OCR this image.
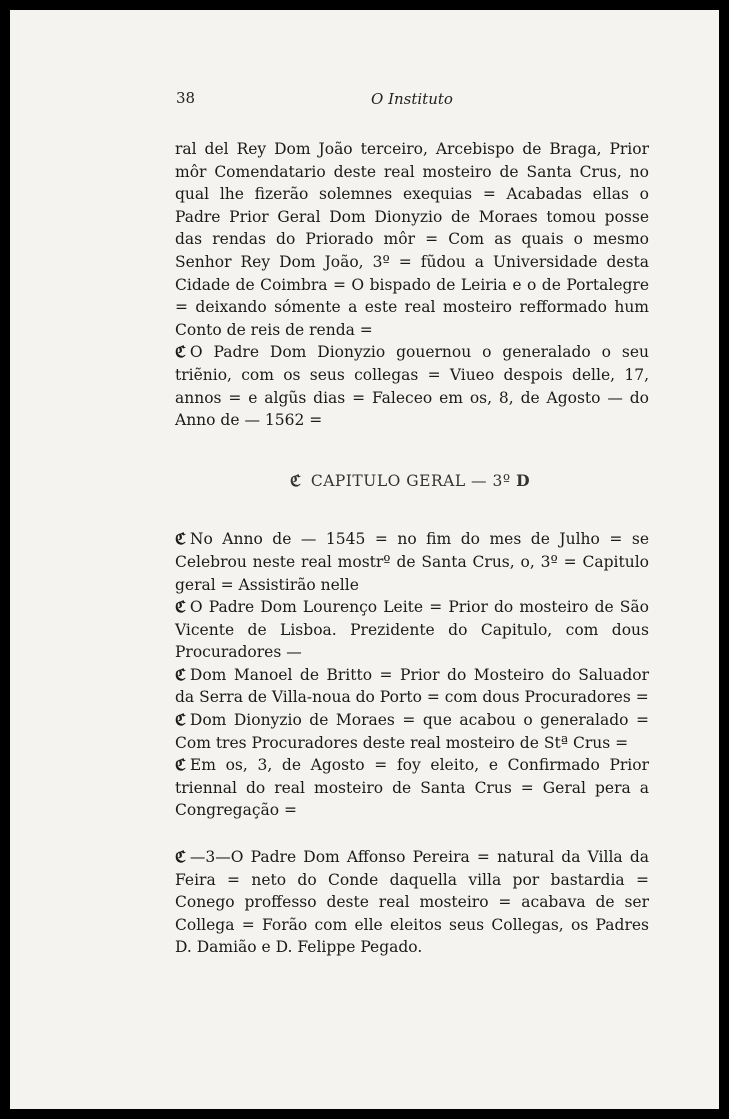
38	O Instituto

ral del Rey Dom João terceiro, Arcebispo de Braga, Prior môr Comendatario deste real mosteiro de Santa Crus, no qual lhe fizerão solemnes exequias = Acabadas ellas o Padre Prior Geral Dom Dionyzio de Moraes tomou posse das rendas do Priorado môr = Com as quais o mesmo Senhor Rey Dom João, 3º = fũdou a Universidade desta Cidade de Coimbra = O bispado de Leiria e o de Portalegre = deixando sómente a este real mosteiro refformado hum Conto de reis de renda =

ℭ O Padre Dom Dionyzio gouernou o generalado o seu triẽnio, com os seus collegas = Viueo despois delle, 17, annos = e algũs dias = Faleceo em os, 8, de Agosto — do Anno de — 1562 =

ℭ CAPITULO GERAL — 3º D

ℭ No Anno de — 1545 = no fim do mes de Julho = se Celebrou neste real mostrº de Santa Crus, o, 3º = Capitulo geral = Assistirão nelle

ℭ O Padre Dom Lourenço Leite = Prior do mosteiro de São Vicente de Lisboa. Prezidente do Capitulo, com dous Procuradores —

ℭ Dom Manoel de Britto = Prior do Mosteiro do Saluador da Serra de Villa-noua do Porto = com dous Procuradores =

ℭ Dom Dionyzio de Moraes = que acabou o generalado = Com tres Procuradores deste real mosteiro de Stª Crus =

ℭ Em os, 3, de Agosto = foy eleito, e Confirmado Prior triennal do real mosteiro de Santa Crus = Geral pera a Congregação =

ℭ —3—O Padre Dom Affonso Pereira = natural da Villa da Feira = neto do Conde daquella villa por bastardia = Conego proffesso deste real mosteiro = acabava de ser Collega = Forão com elle eleitos seus Collegas, os Padres D. Damião e D. Felippe Pegado.
